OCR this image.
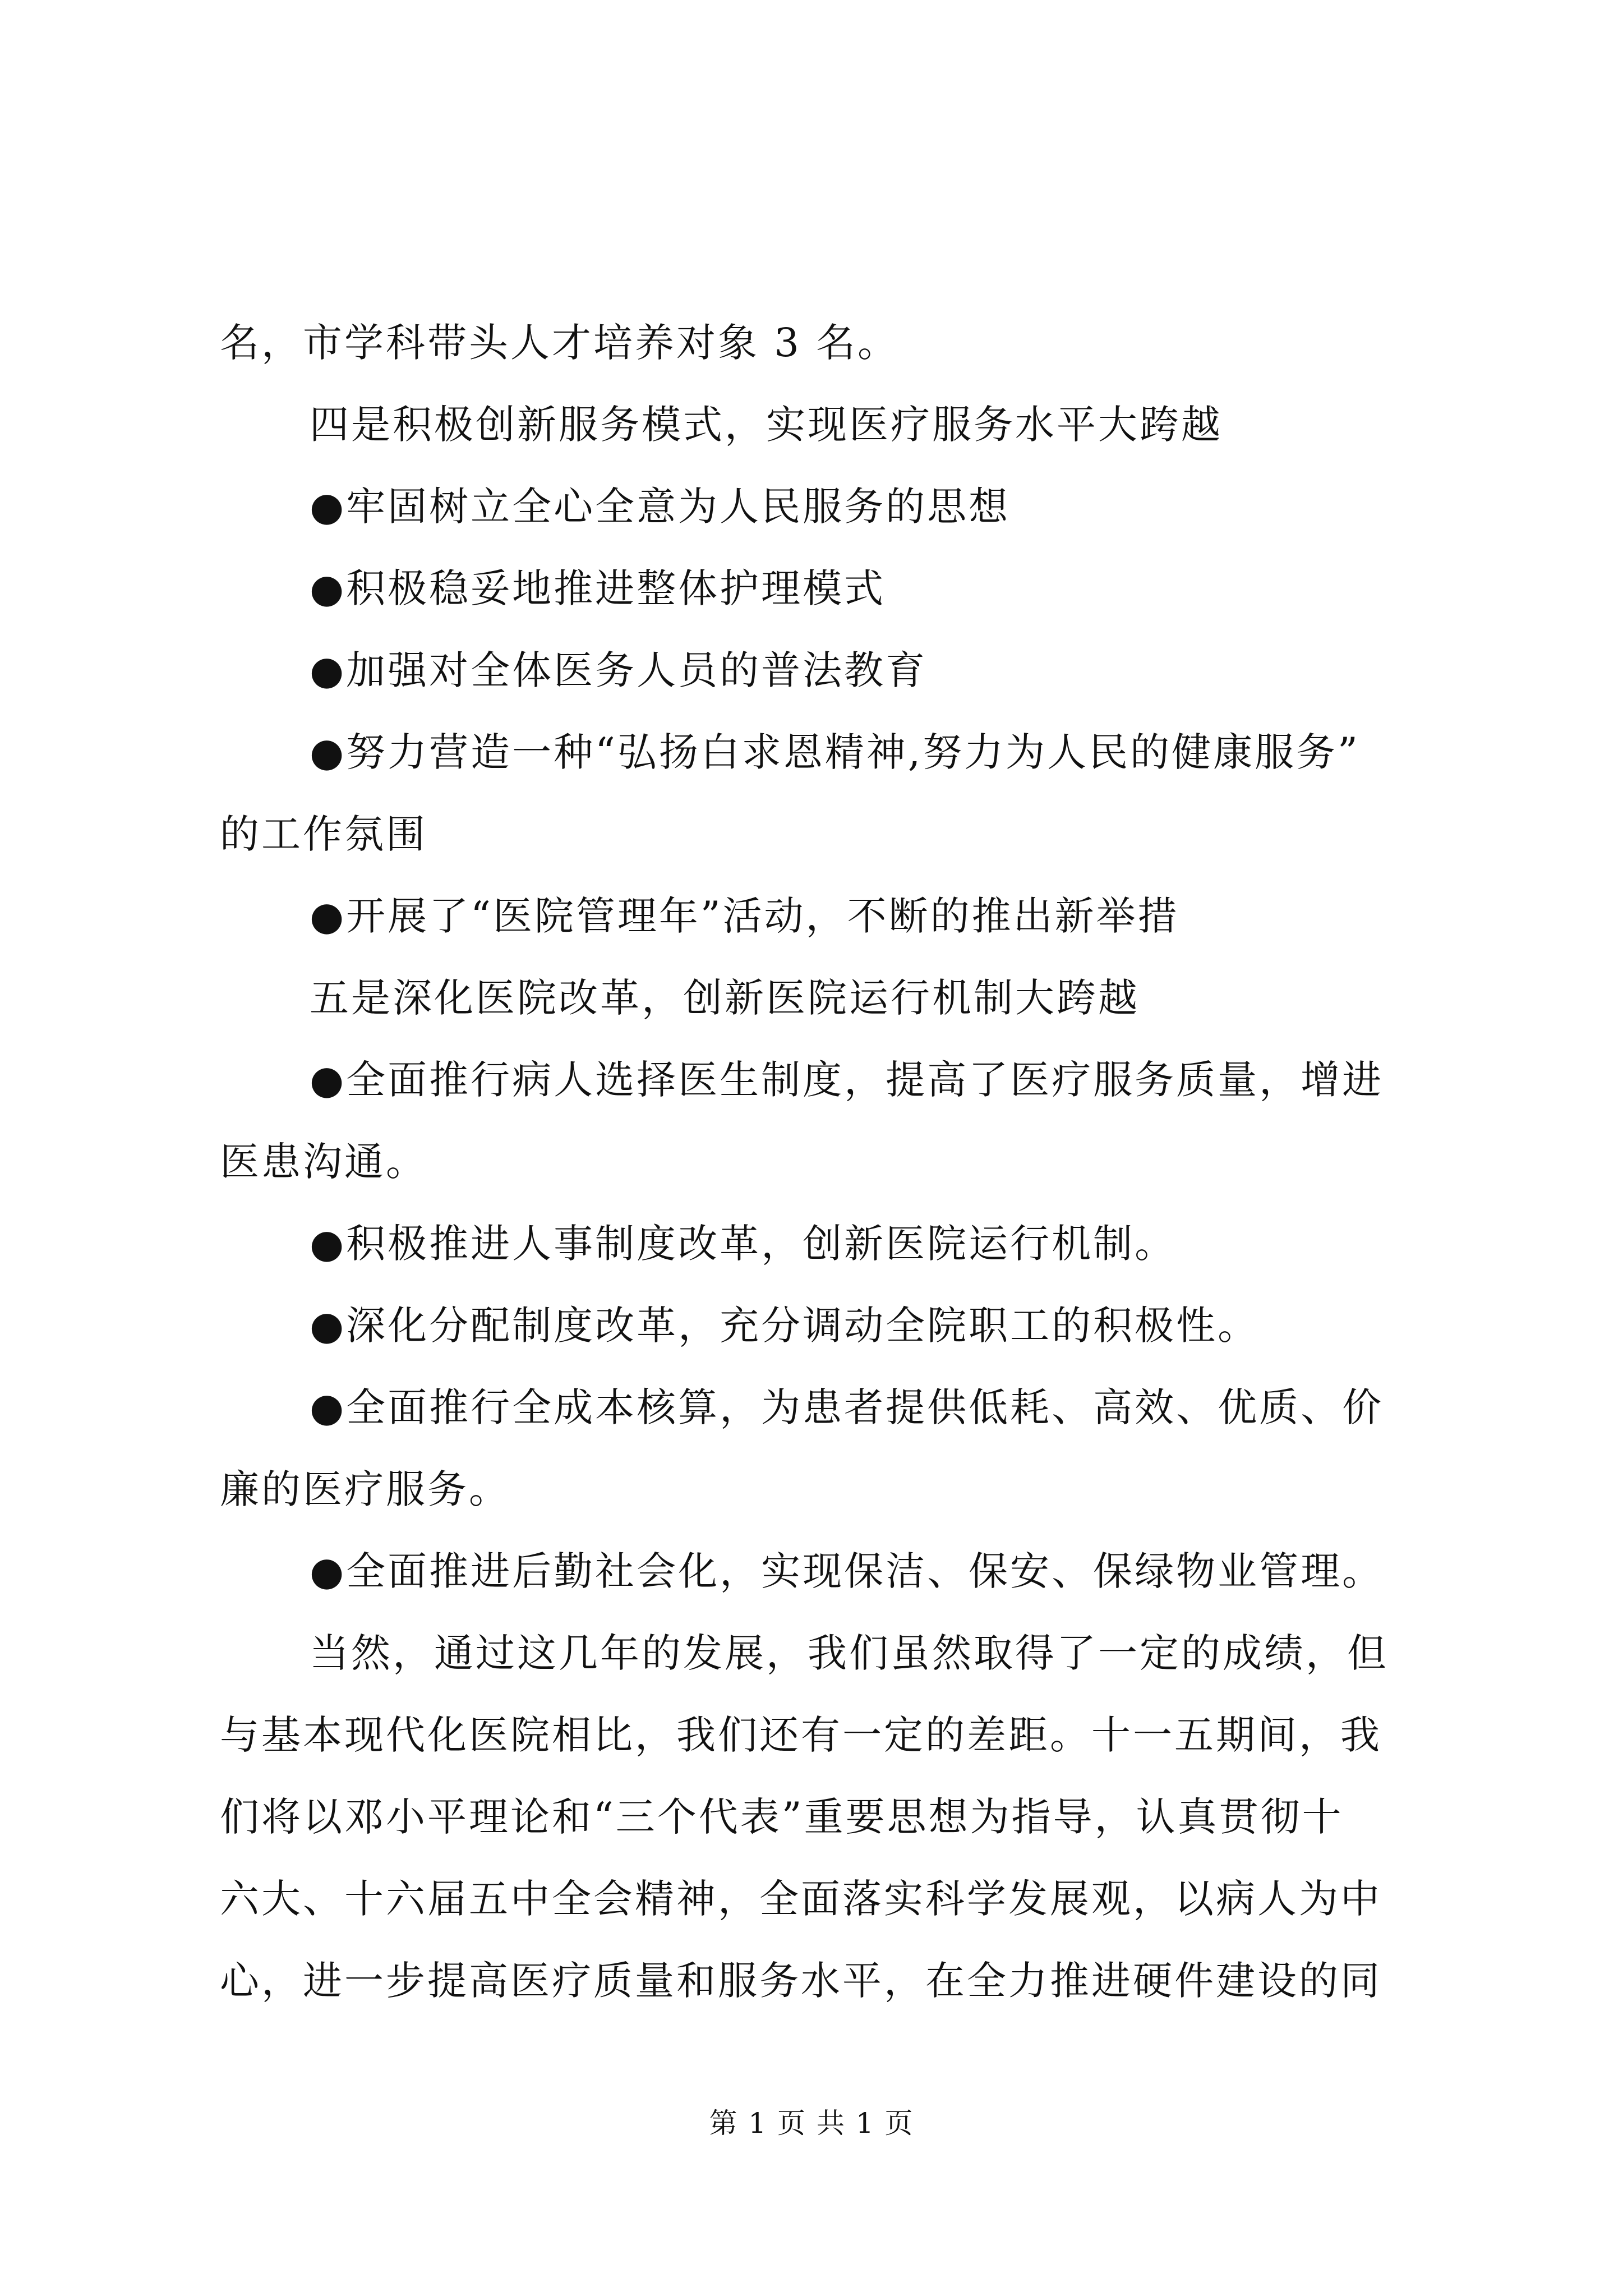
名，市学科带头人才培养对象 3 名。
四是积极创新服务模式，实现医疗服务水平大跨越
●牢固树立全心全意为人民服务的思想
●积极稳妥地推进整体护理模式
●加强对全体医务人员的普法教育
●努力营造一种“弘扬白求恩精神,努力为人民的健康服务”
的工作氛围
●开展了“医院管理年”活动，不断的推出新举措
五是深化医院改革，创新医院运行机制大跨越
●全面推行病人选择医生制度，提高了医疗服务质量，增进
医患沟通。
●积极推进人事制度改革，创新医院运行机制。
●深化分配制度改革，充分调动全院职工的积极性。
●全面推行全成本核算，为患者提供低耗、高效、优质、价
廉的医疗服务。
●全面推进后勤社会化，实现保洁、保安、保绿物业管理。
当然，通过这几年的发展，我们虽然取得了一定的成绩，但
与基本现代化医院相比，我们还有一定的差距。十一五期间，我
们将以邓小平理论和“三个代表”重要思想为指导，认真贯彻十
六大、十六届五中全会精神，全面落实科学发展观，以病人为中
心，进一步提高医疗质量和服务水平，在全力推进硬件建设的同
第 1 页 共 1 页
